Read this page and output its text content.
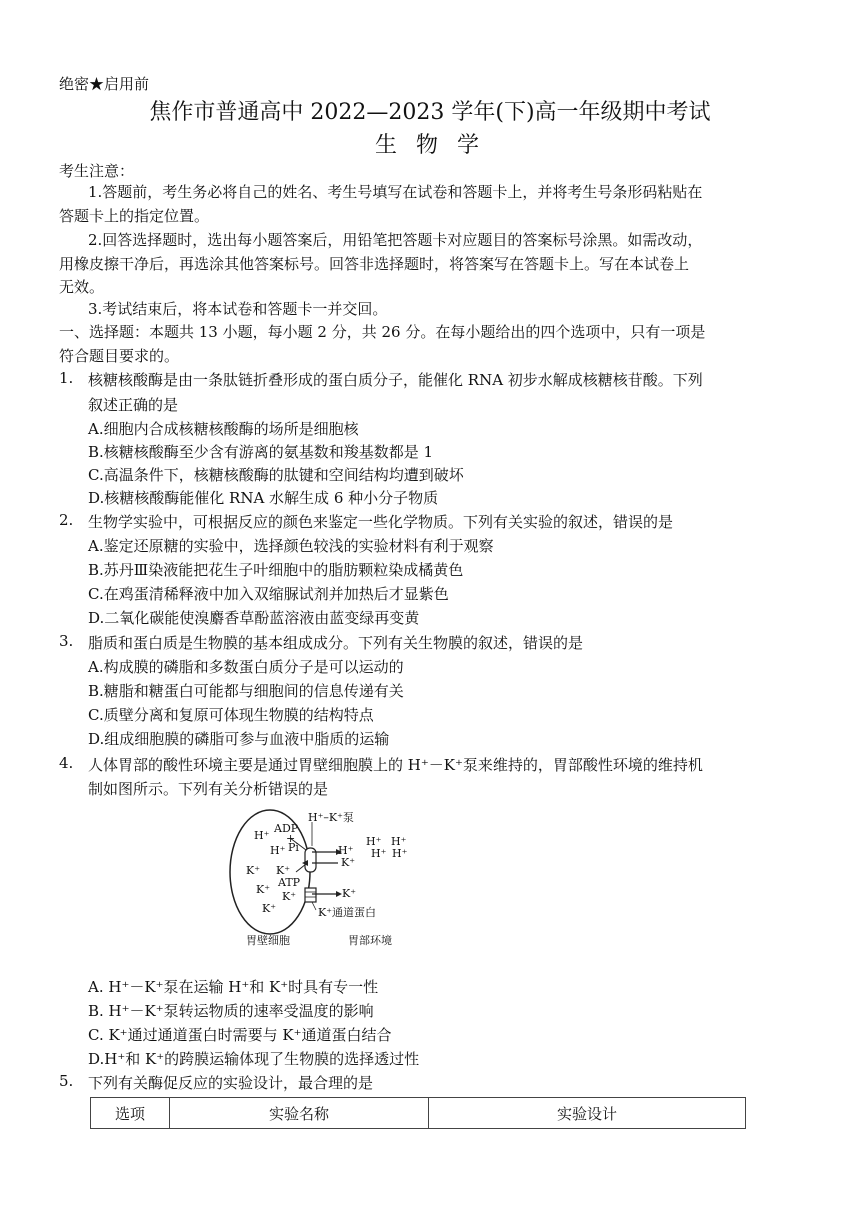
绝密★启用前
焦作市普通高中 2022—2023 学年(下)高一年级期中考试
生 物 学
考生注意：
1.答题前，考生务必将自己的姓名、考生号填写在试卷和答题卡上，并将考生号条形码粘贴在
答题卡上的指定位置。
2.回答选择题时，选出每小题答案后，用铅笔把答题卡对应题目的答案标号涂黑。如需改动，
用橡皮擦干净后，再选涂其他答案标号。回答非选择题时，将答案写在答题卡上。写在本试卷上
无效。
3.考试结束后，将本试卷和答题卡一并交回。
一、选择题：本题共 13 小题，每小题 2 分，共 26 分。在每小题给出的四个选项中，只有一项是
符合题目要求的。
1. 核糖核酸酶是由一条肽链折叠形成的蛋白质分子，能催化 RNA 初步水解成核糖核苷酸。下列
叙述正确的是
A.细胞内合成核糖核酸酶的场所是细胞核
B.核糖核酸酶至少含有游离的氨基数和羧基数都是 1
C.高温条件下，核糖核酸酶的肽键和空间结构均遭到破坏
D.核糖核酸酶能催化 RNA 水解生成 6 种小分子物质
2. 生物学实验中，可根据反应的颜色来鉴定一些化学物质。下列有关实验的叙述，错误的是
A.鉴定还原糖的实验中，选择颜色较浅的实验材料有利于观察
B.苏丹Ⅲ染液能把花生子叶细胞中的脂肪颗粒染成橘黄色
C.在鸡蛋清稀释液中加入双缩脲试剂并加热后才显紫色
D.二氧化碳能使溴麝香草酚蓝溶液由蓝变绿再变黄
3. 脂质和蛋白质是生物膜的基本组成成分。下列有关生物膜的叙述，错误的是
A.构成膜的磷脂和多数蛋白质分子是可以运动的
B.糖脂和糖蛋白可能都与细胞间的信息传递有关
C.质壁分离和复原可体现生物膜的结构特点
D.组成细胞膜的磷脂可参与血液中脂质的运输
4. 人体胃部的酸性环境主要是通过胃壁细胞膜上的 H⁺－K⁺泵来维持的，胃部酸性环境的维持机
制如图所示。下列有关分析错误的是
ADP
+
Pi
H⁺–K⁺泵
H⁺
H⁺
K⁺ K⁺
ATP
K⁺
K⁺
K⁺
H⁺
K⁺
H⁺ H⁺
H⁺ H⁺
K⁺
K⁺通道蛋白
胃壁细胞	胃部环境
A. H⁺－K⁺泵在运输 H⁺和 K⁺时具有专一性
B. H⁺－K⁺泵转运物质的速率受温度的影响
C. K⁺通过通道蛋白时需要与 K⁺通道蛋白结合
D.H⁺和 K⁺的跨膜运输体现了生物膜的选择透过性
5. 下列有关酶促反应的实验设计，最合理的是
选项	实验名称	实验设计
